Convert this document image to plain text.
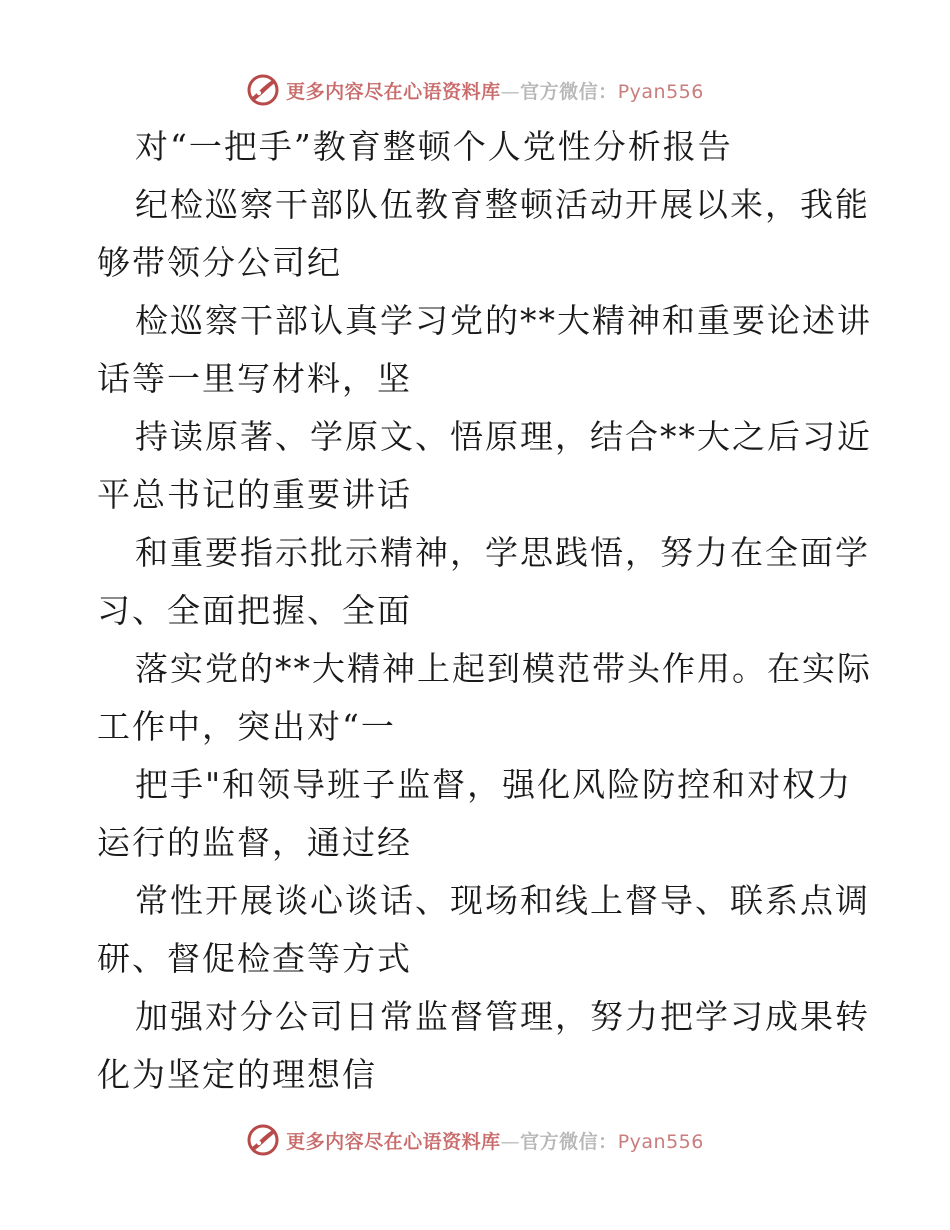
更多内容尽在心语资料库—官方微信：Pyan556
对“一把手”教育整顿个人党性分析报告
纪检巡察干部队伍教育整顿活动开展以来，我能
够带领分公司纪
检巡察干部认真学习党的**大精神和重要论述讲
话等一里写材料，坚
持读原著、学原文、悟原理，结合**大之后习近
平总书记的重要讲话
和重要指示批示精神，学思践悟，努力在全面学
习、全面把握、全面
落实党的**大精神上起到模范带头作用。在实际
工作中，突出对“一
把手"和领导班子监督，强化风险防控和对权力
运行的监督，通过经
常性开展谈心谈话、现场和线上督导、联系点调
研、督促检查等方式
加强对分公司日常监督管理，努力把学习成果转
化为坚定的理想信
更多内容尽在心语资料库—官方微信：Pyan556
